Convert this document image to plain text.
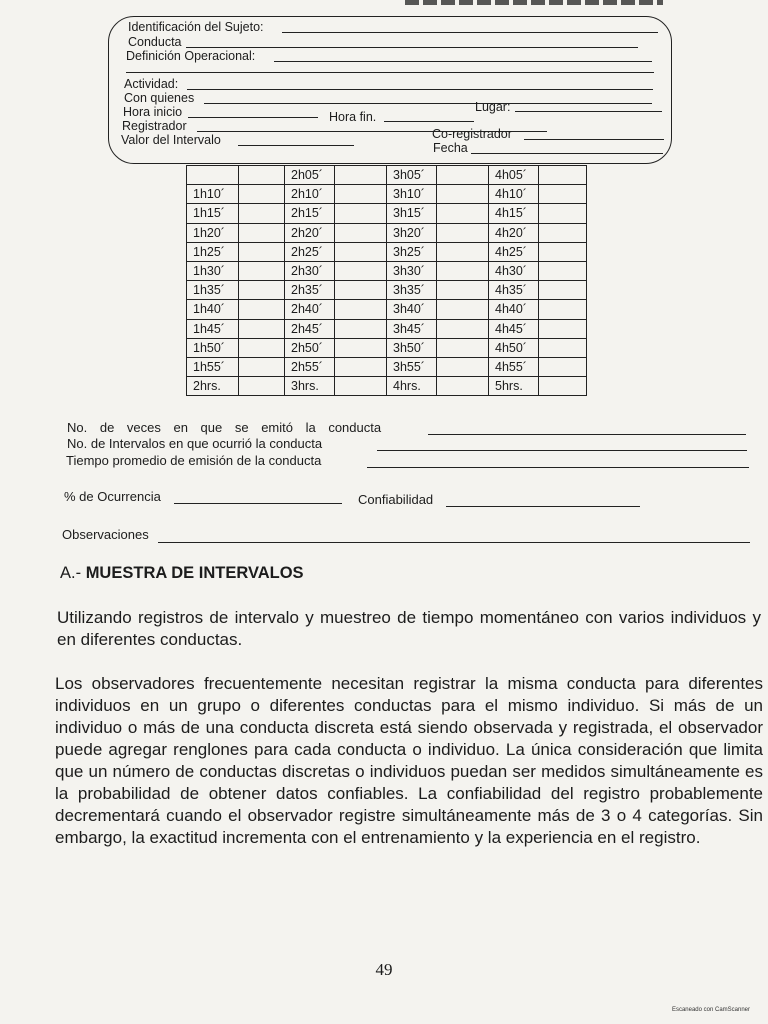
Identificación del Sujeto:
Conducta
Definición Operacional:
Actividad:
Con quienes
Lugar:
Hora inicio	Hora fin.
Registrador
Co-registrador
Valor del Intervalo
Fecha
		2h05´		3h05´		4h05´	
1h10´		2h10´		3h10´		4h10´	
1h15´		2h15´		3h15´		4h15´	
1h20´		2h20´		3h20´		4h20´	
1h25´		2h25´		3h25´		4h25´	
1h30´		2h30´		3h30´		4h30´	
1h35´		2h35´		3h35´		4h35´	
1h40´		2h40´		3h40´		4h40´	
1h45´		2h45´		3h45´		4h45´	
1h50´		2h50´		3h50´		4h50´	
1h55´		2h55´		3h55´		4h55´	
2hrs.		3hrs.		4hrs.		5hrs.	
No. de veces en que se emitó la conducta
No. de Intervalos en que ocurrió la conducta
Tiempo promedio de emisión de la conducta
% de Ocurrencia	Confiabilidad
Observaciones
A.- MUESTRA DE INTERVALOS

Utilizando registros de intervalo y muestreo de tiempo momentáneo con varios individuos y en diferentes conductas.

Los observadores frecuentemente necesitan registrar la misma conducta para diferentes individuos en un grupo o diferentes conductas para el mismo individuo. Si más de un individuo o más de una conducta discreta está siendo observada y registrada, el observador puede agregar renglones para cada conducta o individuo. La única consideración que limita que un número de conductas discretas o individuos puedan ser medidos simultáneamente es la probabilidad de obtener datos confiables. La confiabilidad del registro probablemente decrementará cuando el observador registre simultáneamente más de 3 o 4 categorías. Sin embargo, la exactitud incrementa con el entrenamiento y la experiencia en el registro.

49
Escaneado con CamScanner
